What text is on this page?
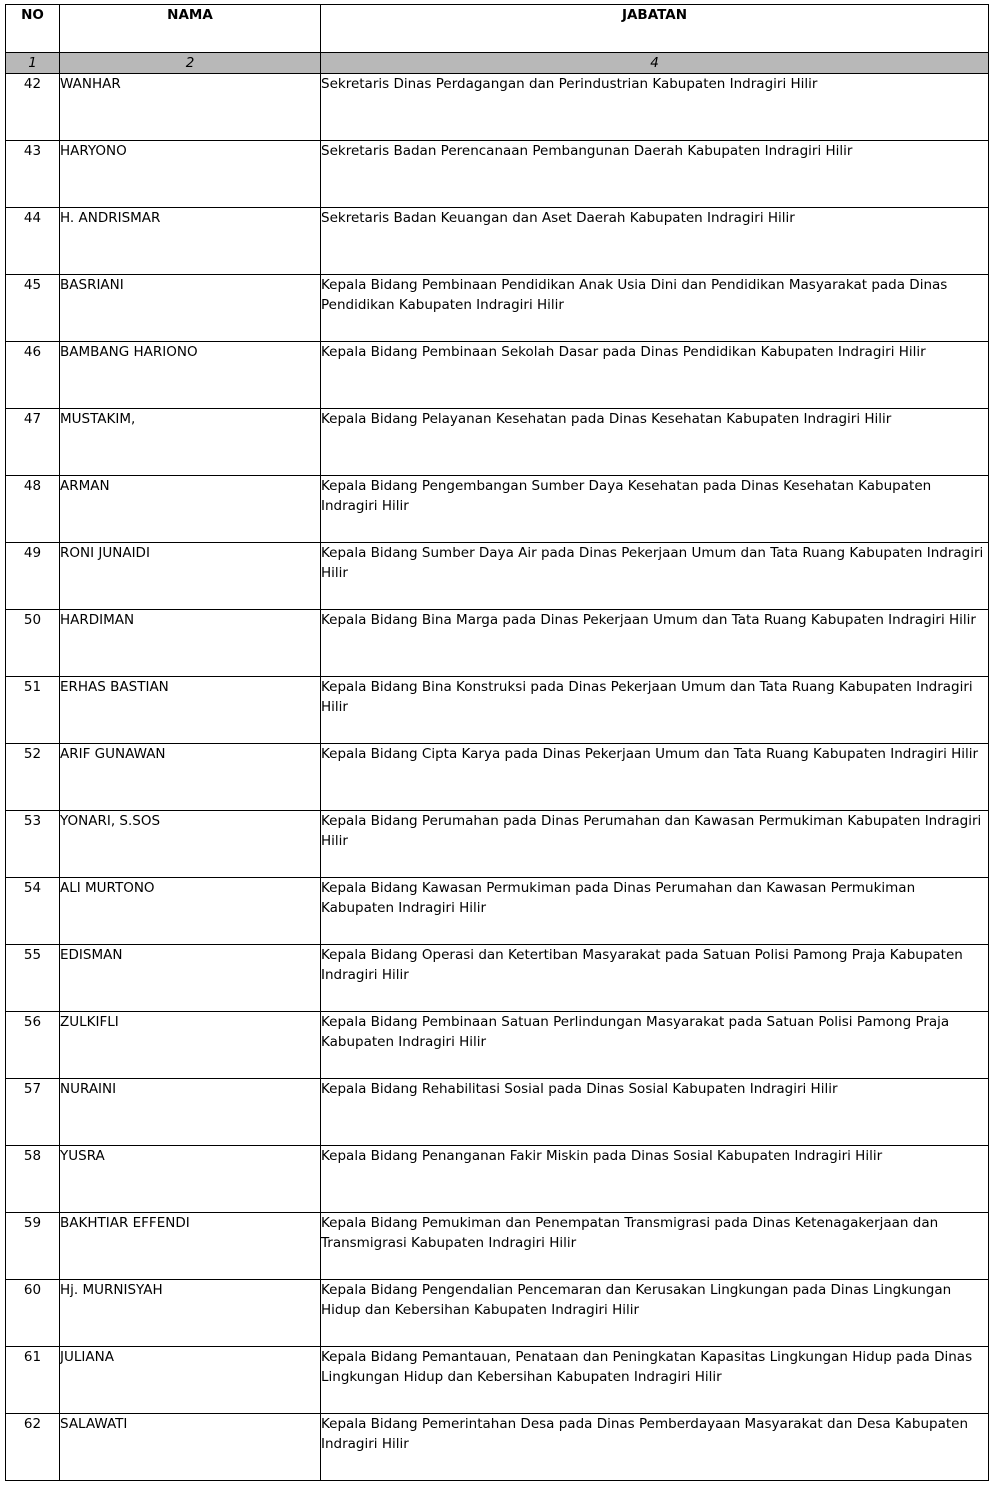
NO	NAMA	JABATAN
1	2	4
42	WANHAR	Sekretaris Dinas Perdagangan dan Perindustrian Kabupaten Indragiri Hilir
43	HARYONO	Sekretaris Badan Perencanaan Pembangunan Daerah Kabupaten Indragiri Hilir
44	H. ANDRISMAR	Sekretaris Badan Keuangan dan Aset Daerah Kabupaten Indragiri Hilir
45	BASRIANI	Kepala Bidang Pembinaan Pendidikan Anak Usia Dini dan Pendidikan Masyarakat pada Dinas Pendidikan Kabupaten Indragiri Hilir
46	BAMBANG HARIONO	Kepala Bidang Pembinaan Sekolah Dasar pada Dinas Pendidikan Kabupaten Indragiri Hilir
47	MUSTAKIM,	Kepala Bidang Pelayanan Kesehatan pada Dinas Kesehatan Kabupaten Indragiri Hilir
48	ARMAN	Kepala Bidang Pengembangan Sumber Daya Kesehatan pada Dinas Kesehatan Kabupaten Indragiri Hilir
49	RONI JUNAIDI	Kepala Bidang Sumber Daya Air pada Dinas Pekerjaan Umum dan Tata Ruang Kabupaten Indragiri Hilir
50	HARDIMAN	Kepala Bidang Bina Marga pada Dinas Pekerjaan Umum dan Tata Ruang Kabupaten Indragiri Hilir
51	ERHAS BASTIAN	Kepala Bidang Bina Konstruksi pada Dinas Pekerjaan Umum dan Tata Ruang Kabupaten Indragiri Hilir
52	ARIF GUNAWAN	Kepala Bidang Cipta Karya pada Dinas Pekerjaan Umum dan Tata Ruang Kabupaten Indragiri Hilir
53	YONARI, S.SOS	Kepala Bidang Perumahan pada Dinas Perumahan dan Kawasan Permukiman Kabupaten Indragiri Hilir
54	ALI MURTONO	Kepala Bidang Kawasan Permukiman pada Dinas Perumahan dan Kawasan Permukiman Kabupaten Indragiri Hilir
55	EDISMAN	Kepala Bidang Operasi dan Ketertiban Masyarakat pada Satuan Polisi Pamong Praja Kabupaten Indragiri Hilir
56	ZULKIFLI	Kepala Bidang Pembinaan Satuan Perlindungan Masyarakat pada Satuan Polisi Pamong Praja Kabupaten Indragiri Hilir
57	NURAINI	Kepala Bidang Rehabilitasi Sosial pada Dinas Sosial Kabupaten Indragiri Hilir
58	YUSRA	Kepala Bidang Penanganan Fakir Miskin pada Dinas Sosial Kabupaten Indragiri Hilir
59	BAKHTIAR EFFENDI	Kepala Bidang Pemukiman dan Penempatan Transmigrasi pada Dinas Ketenagakerjaan dan Transmigrasi Kabupaten Indragiri Hilir
60	Hj. MURNISYAH	Kepala Bidang Pengendalian Pencemaran dan Kerusakan Lingkungan pada Dinas Lingkungan Hidup dan Kebersihan Kabupaten Indragiri Hilir
61	JULIANA	Kepala Bidang Pemantauan, Penataan dan Peningkatan Kapasitas Lingkungan Hidup pada Dinas Lingkungan Hidup dan Kebersihan Kabupaten Indragiri Hilir
62	SALAWATI	Kepala Bidang Pemerintahan Desa pada Dinas Pemberdayaan Masyarakat dan Desa Kabupaten Indragiri Hilir
